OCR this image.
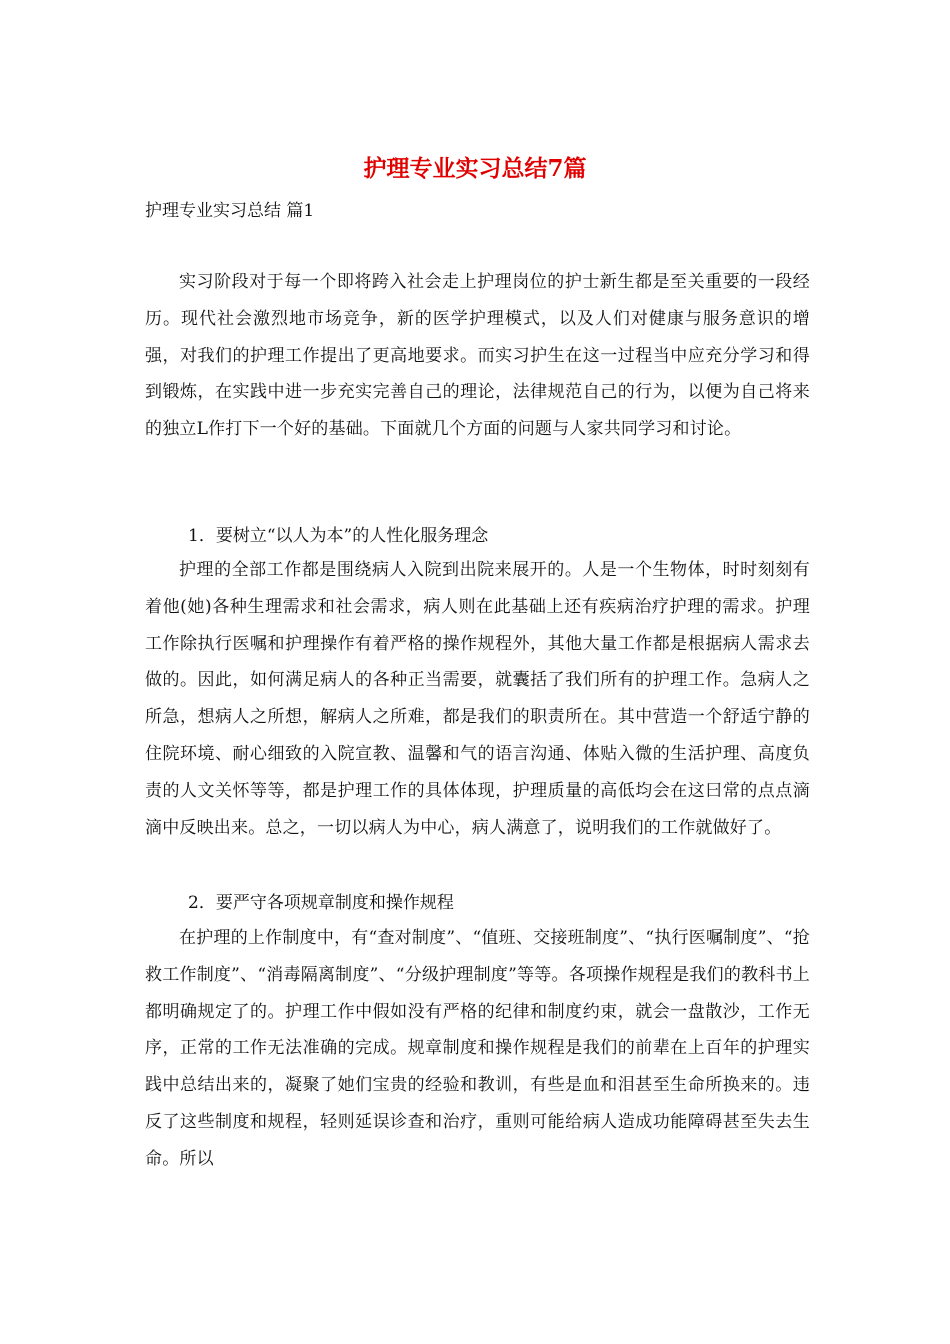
护理专业实习总结7篇

护理专业实习总结 篇1

实习阶段对于每一个即将跨入社会走上护理岗位的护士新生都是至关重要的一段经历。现代社会激烈地市场竞争，新的医学护理模式，以及人们对健康与服务意识的增强，对我们的护理工作提出了更高地要求。而实习护生在这一过程当中应充分学习和得到锻炼，在实践中进一步充实完善自己的理论，法律规范自己的行为，以便为自己将来的独立L作打下一个好的基础。下面就几个方面的问题与人家共同学习和讨论。

1．要树立“以人为本”的人性化服务理念

护理的全部工作都是围绕病人入院到出院来展开的。人是一个生物体，时时刻刻有着他(她)各种生理需求和社会需求，病人则在此基础上还有疾病治疗护理的需求。护理工作除执行医嘱和护理操作有着严格的操作规程外，其他大量工作都是根据病人需求去做的。因此，如何满足病人的各种正当需要，就囊括了我们所有的护理工作。急病人之所急，想病人之所想，解病人之所难，都是我们的职责所在。其中营造一个舒适宁静的住院环境、耐心细致的入院宣教、温馨和气的语言沟通、体贴入微的生活护理、高度负责的人文关怀等等，都是护理工作的具体体现，护理质量的高低均会在这曰常的点点滴滴中反映出来。总之，一切以病人为中心，病人满意了，说明我们的工作就做好了。

2．要严守各项规章制度和操作规程

在护理的上作制度中，有“查对制度”、“值班、交接班制度”、“执行医嘱制度”、“抢救工作制度”、“消毒隔离制度”、“分级护理制度”等等。各项操作规程是我们的教科书上都明确规定了的。护理工作中假如没有严格的纪律和制度约束，就会一盘散沙，工作无序，正常的工作无法准确的完成。规章制度和操作规程是我们的前辈在上百年的护理实践中总结出来的，凝聚了她们宝贵的经验和教训，有些是血和泪甚至生命所换来的。违反了这些制度和规程，轻则延误诊查和治疗，重则可能给病人造成功能障碍甚至失去生命。所以
